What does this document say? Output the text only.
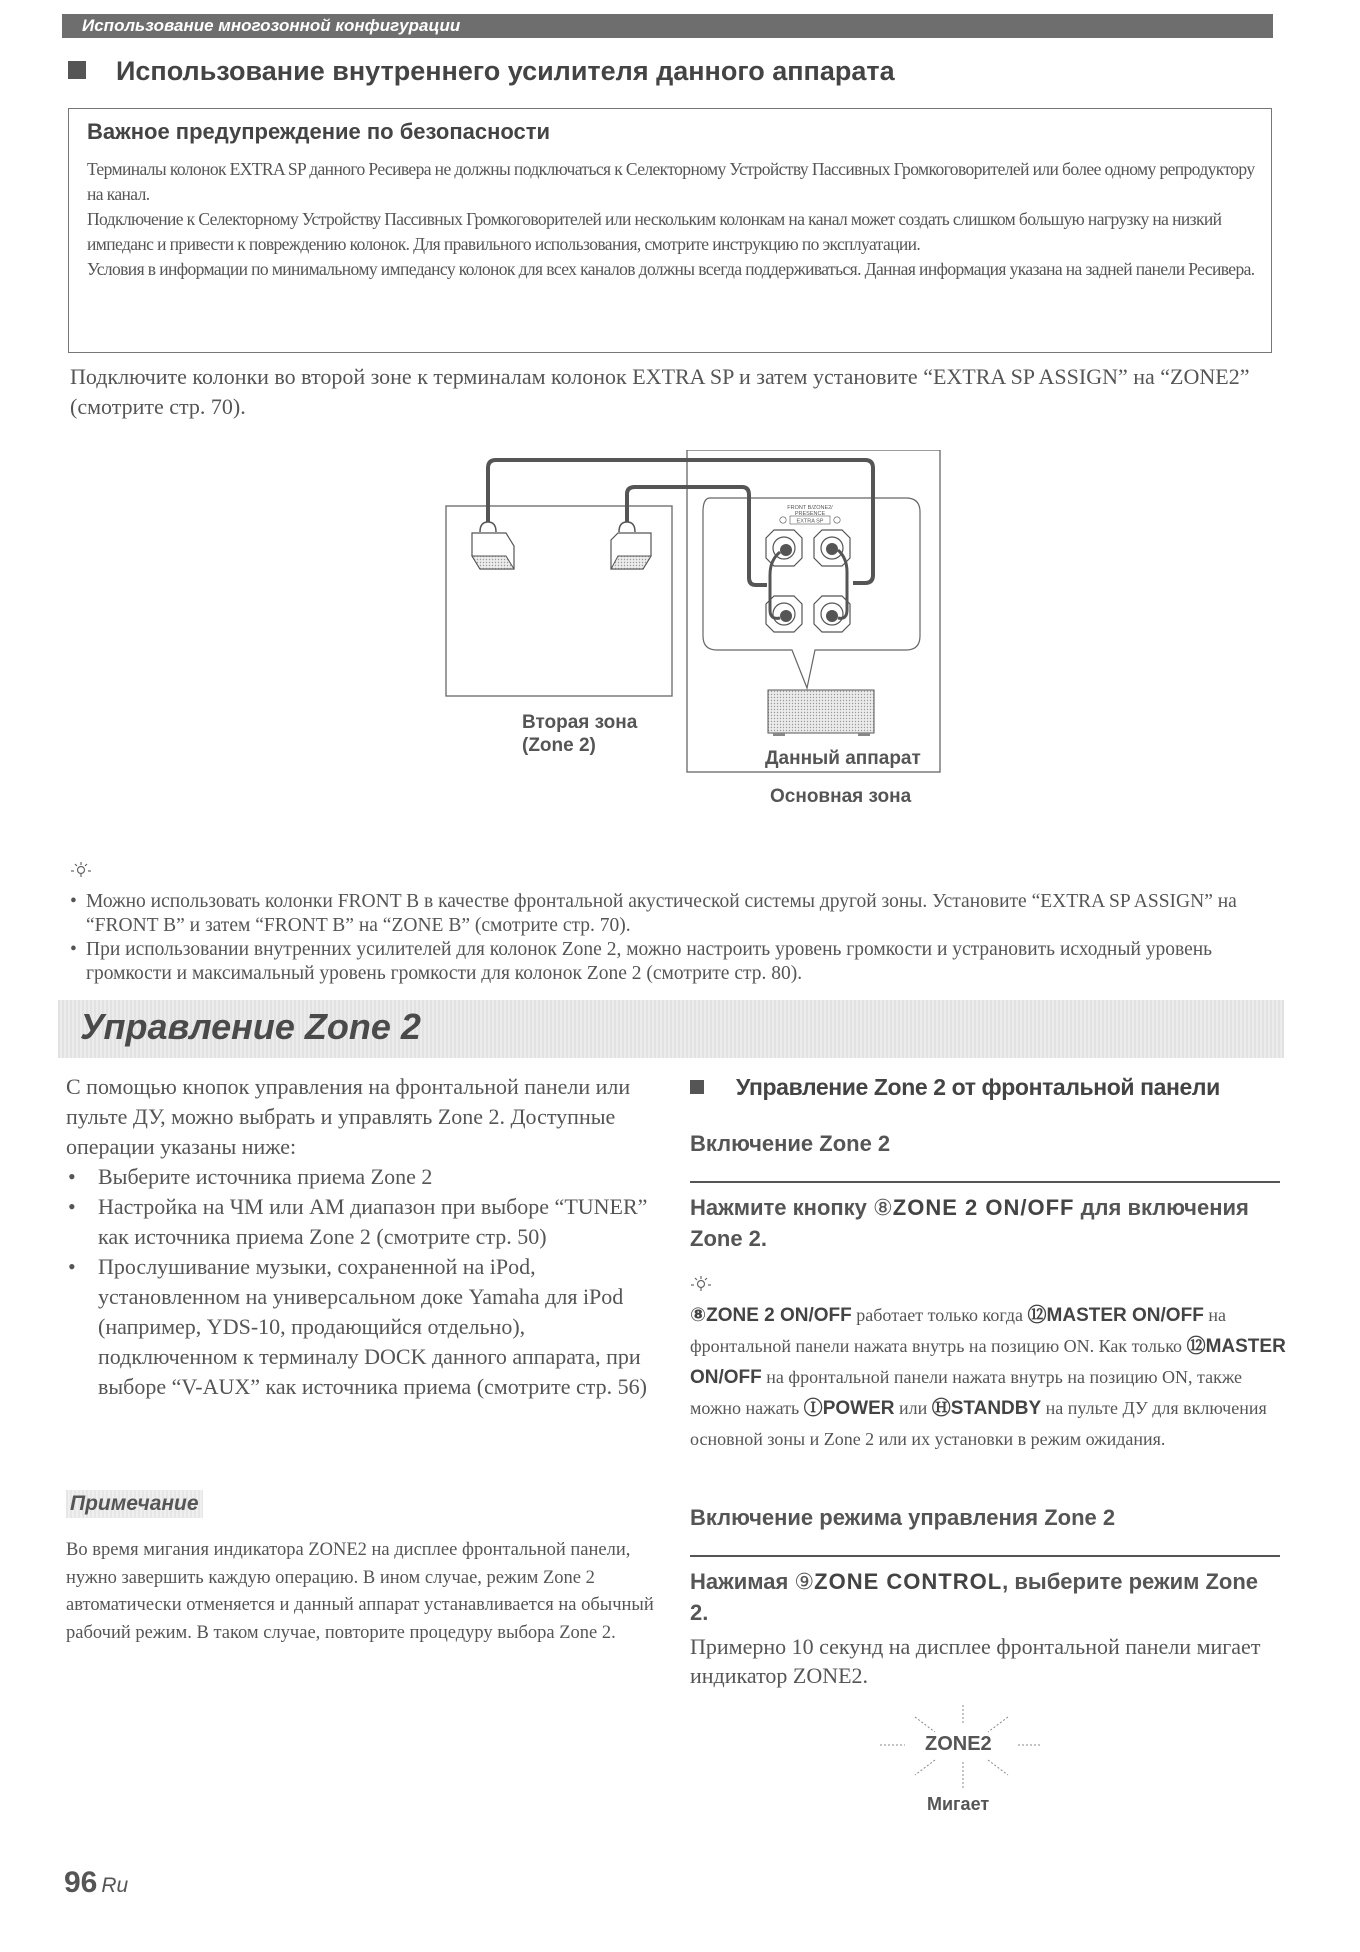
Использование многозонной конфигурации
Использование внутреннего усилителя данного аппарата
Важное предупреждение по безопасности

Терминалы колонок EXTRA SP данного Ресивера не должны подключаться к Селекторному Устройству Пассивных Громкоговорителей или более одному репродуктору на канал.

Подключение к Селекторному Устройству Пассивных Громкоговорителей или нескольким колонкам на канал может создать слишком большую нагрузку на низкий импеданс и привести к повреждению колонок. Для правильного использования, смотрите инструкцию по эксплуатации.

Условия в информации по минимальному импедансу колонок для всех каналов должны всегда поддерживаться. Данная информация указана на задней панели Ресивера.

Подключите колонки во второй зоне к терминалам колонок EXTRA SP и затем установите “EXTRA SP ASSIGN” на “ZONE2” (смотрите стр. 70).
FRONT B/ZONE2/
PRESENCE
EXTRA SP
Вторая зона
(Zone 2)
Данный аппарат
Основная зона
• Можно использовать колонки FRONT B в качестве фронтальной акустической системы другой зоны. Установите “EXTRA SP ASSIGN” на “FRONT B” и затем “FRONT B” на “ZONE B” (смотрите стр. 70).
• При использовании внутренних усилителей для колонок Zone 2, можно настроить уровень громкости и устрановить исходный уровень громкости и максимальный уровень громкости для колонок Zone 2 (смотрите стр. 80).
Управление Zone 2

С помощью кнопок управления на фронтальной панели или пульте ДУ, можно выбрать и управлять Zone 2. Доступные операции указаны ниже:

• Выберите источника приема Zone 2
• Настройка на ЧМ или AM диапазон при выборе “TUNER” как источника приема Zone 2 (смотрите стр. 50)
• Прослушивание музыки, сохраненной на iPod, установленном на универсальном доке Yamaha для iPod (например, YDS-10, продающийся отдельно), подключенном к терминалу DOCK данного аппарата, при выборе “V-AUX” как источника приема (смотрите стр. 56)
Примечание
Во время мигания индикатора ZONE2 на дисплее фронтальной панели, нужно завершить каждую операцию. В ином случае, режим Zone 2 автоматически отменяется и данный аппарат устанавливается на обычный рабочий режим. В таком случае, повторите процедуру выбора Zone 2.
Управление Zone 2 от фронтальной панели
Включение Zone 2
Нажмите кнопку ⑧ZONE 2 ON/OFF для включения Zone 2.
⑧ZONE 2 ON/OFF работает только когда ⑫MASTER ON/OFF на фронтальной панели нажата внутрь на позицию ON. Как только ⑫MASTER ON/OFF на фронтальной панели нажата внутрь на позицию ON, также можно нажать ⒾPOWER или ⒽSTANDBY на пульте ДУ для включения основной зоны и Zone 2 или их установки в режим ожидания.
Включение режима управления Zone 2
Нажимая ⑨ZONE CONTROL, выберите режим Zone 2.
Примерно 10 секунд на дисплее фронтальной панели мигает индикатор ZONE2.
ZONE2
Мигает
96 Ru
